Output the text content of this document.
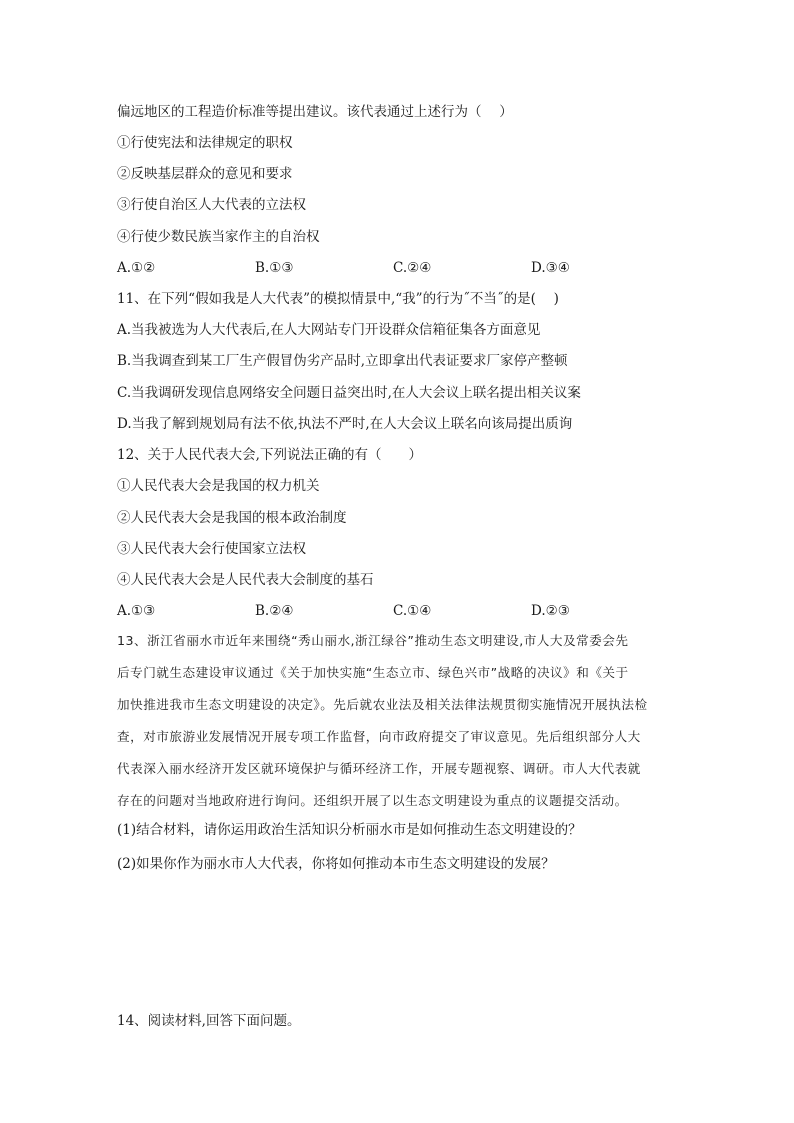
偏远地区的工程造价标准等提出建议。该代表通过上述行为（　 ）
①行使宪法和法律规定的职权
②反映基层群众的意见和要求
③行使自治区人大代表的立法权
④行使少数民族当家作主的自治权
A.①②	B.①③	C.②④	D.③④
11、在下列“假如我是人大代表”的模拟情景中,“我”的行为˝不当˝的是(　 )
A.当我被选为人大代表后,在人大网站专门开设群众信箱征集各方面意见
B.当我调查到某工厂生产假冒伪劣产品时,立即拿出代表证要求厂家停产整顿
C.当我调研发现信息网络安全问题日益突出时,在人大会议上联名提出相关议案
D.当我了解到规划局有法不依,执法不严时,在人大会议上联名向该局提出质询
12、关于人民代表大会,下列说法正确的有（　　）
①人民代表大会是我国的权力机关
②人民代表大会是我国的根本政治制度
③人民代表大会行使国家立法权
④人民代表大会是人民代表大会制度的基石
A.①③	B.②④	C.①④	D.②③
13、浙江省丽水市近年来围绕“秀山丽水,浙江绿谷”推动生态文明建设,市人大及常委会先
后专门就生态建设审议通过《关于加快实施“生态立市、绿色兴市”战略的决议》和《关于
加快推进我市生态文明建设的决定》。先后就农业法及相关法律法规贯彻实施情况开展执法检
查，对市旅游业发展情况开展专项工作监督，向市政府提交了审议意见。先后组织部分人大
代表深入丽水经济开发区就环境保护与循环经济工作，开展专题视察、调研。市人大代表就
存在的问题对当地政府进行询问。还组织开展了以生态文明建设为重点的议题提交活动。
(1)结合材料，请你运用政治生活知识分析丽水市是如何推动生态文明建设的？
(2)如果你作为丽水市人大代表，你将如何推动本市生态文明建设的发展？
14、阅读材料,回答下面问题。
